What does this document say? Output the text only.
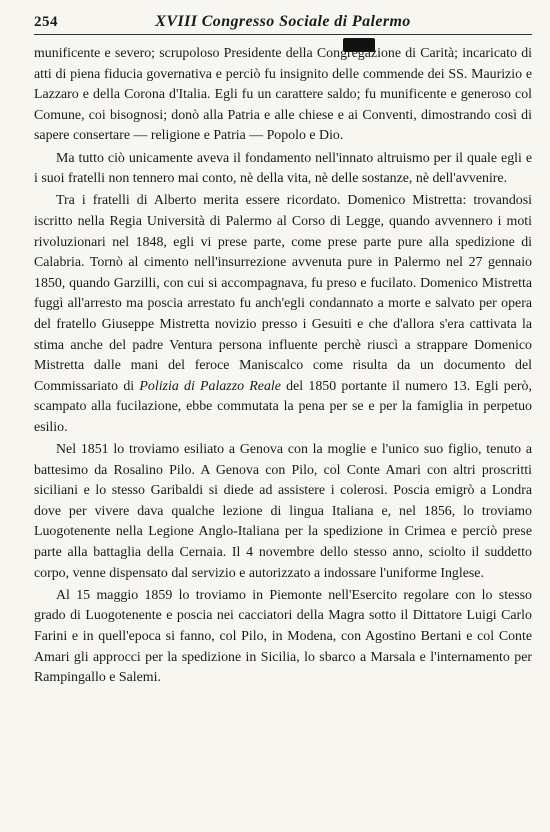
254	XVIII Congresso Sociale di Palermo

munificente e severo; scrupoloso Presidente della Congregazione di Carità; incaricato di atti di piena fiducia governativa e perciò fu insignito delle commende dei SS. Maurizio e Lazzaro e della Corona d'Italia. Egli fu un carattere saldo; fu munificente e generoso col Comune, coi bisognosi; donò alla Patria e alle chiese e ai Conventi, dimostrando così di sapere consertare — religione e Patria — Popolo e Dio.

Ma tutto ciò unicamente aveva il fondamento nell'innato altruismo per il quale egli e i suoi fratelli non tennero mai conto, nè della vita, nè delle sostanze, nè dell'avvenire.

Tra i fratelli di Alberto merita essere ricordato. Domenico Mistretta: trovandosi iscritto nella Regia Università di Palermo al Corso di Legge, quando avvennero i moti rivoluzionari nel 1848, egli vi prese parte, come prese parte pure alla spedizione di Calabria. Tornò al cimento nell'insurrezione avvenuta pure in Palermo nel 27 gennaio 1850, quando Garzilli, con cui si accompagnava, fu preso e fucilato. Domenico Mistretta fuggì all'arresto ma poscia arrestato fu anch'egli condannato a morte e salvato per opera del fratello Giuseppe Mistretta novizio presso i Gesuiti e che d'allora s'era cattivata la stima anche del padre Ventura persona influente perchè riuscì a strappare Domenico Mistretta dalle mani del feroce Maniscalco come risulta da un documento del Commissariato di Polizia di Palazzo Reale del 1850 portante il numero 13. Egli però, scampato alla fucilazione, ebbe commutata la pena per se e per la famiglia in perpetuo esilio.

Nel 1851 lo troviamo esiliato a Genova con la moglie e l'unico suo figlio, tenuto a battesimo da Rosalino Pilo. A Genova con Pilo, col Conte Amari con altri proscritti siciliani e lo stesso Garibaldi si diede ad assistere i colerosi. Poscia emigrò a Londra dove per vivere dava qualche lezione di lingua Italiana e, nel 1856, lo troviamo Luogotenente nella Legione Anglo-Italiana per la spedizione in Crimea e perciò prese parte alla battaglia della Cernaia. Il 4 novembre dello stesso anno, sciolto il suddetto corpo, venne dispensato dal servizio e autorizzato a indossare l'uniforme Inglese.

Al 15 maggio 1859 lo troviamo in Piemonte nell'Esercito regolare con lo stesso grado di Luogotenente e poscia nei cacciatori della Magra sotto il Dittatore Luigi Carlo Farini e in quell'epoca si fanno, col Pilo, in Modena, con Agostino Bertani e col Conte Amari gli approcci per la spedizione in Sicilia, lo sbarco a Marsala e l'internamento per Rampingallo e Salemi.
